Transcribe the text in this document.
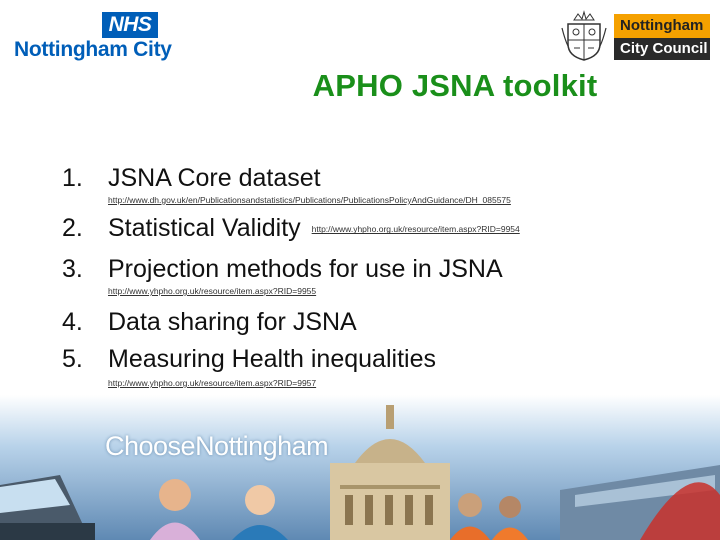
NHS
Nottingham City
Nottingham
City Council
APHO JSNA toolkit
1. JSNA Core dataset
http://www.dh.gov.uk/en/Publicationsandstatistics/Publications/PublicationsPolicyAndGuidance/DH_085575
2. Statistical Validity http://www.yhpho.org.uk/resource/item.aspx?RID=9954
3. Projection methods for use in JSNA
http://www.yhpho.org.uk/resource/item.aspx?RID=9955
4. Data sharing for JSNA
5. Measuring Health inequalities
http://www.yhpho.org.uk/resource/item.aspx?RID=9957
ChooseNottingham
